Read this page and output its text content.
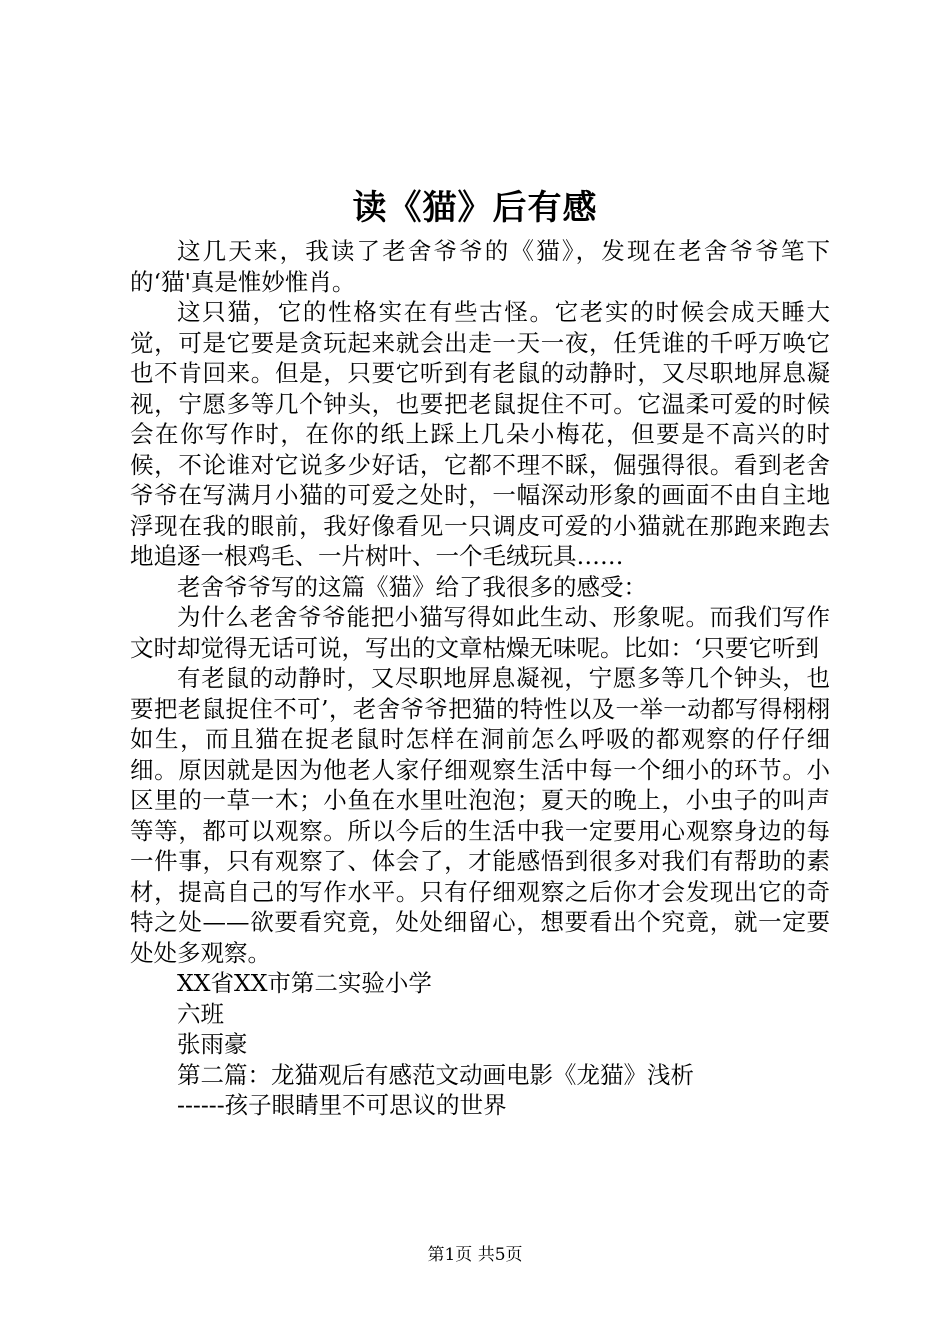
读《猫》后有感

这几天来，我读了老舍爷爷的《猫》，发现在老舍爷爷笔下的‘猫'真是惟妙惟肖。

这只猫，它的性格实在有些古怪。它老实的时候会成天睡大觉，可是它要是贪玩起来就会出走一天一夜，任凭谁的千呼万唤它也不肯回来。但是，只要它听到有老鼠的动静时，又尽职地屏息凝视，宁愿多等几个钟头，也要把老鼠捉住不可。它温柔可爱的时候会在你写作时，在你的纸上踩上几朵小梅花，但要是不高兴的时候，不论谁对它说多少好话，它都不理不睬，倔强得很。看到老舍爷爷在写满月小猫的可爱之处时，一幅深动形象的画面不由自主地浮现在我的眼前，我好像看见一只调皮可爱的小猫就在那跑来跑去地追逐一根鸡毛、一片树叶、一个毛绒玩具……

老舍爷爷写的这篇《猫》给了我很多的感受：

为什么老舍爷爷能把小猫写得如此生动、形象呢。而我们写作文时却觉得无话可说，写出的文章枯燥无味呢。比如：‘只要它听到

有老鼠的动静时，又尽职地屏息凝视，宁愿多等几个钟头，也要把老鼠捉住不可’，老舍爷爷把猫的特性以及一举一动都写得栩栩如生，而且猫在捉老鼠时怎样在洞前怎么呼吸的都观察的仔仔细细。原因就是因为他老人家仔细观察生活中每一个细小的环节。小区里的一草一木；小鱼在水里吐泡泡；夏天的晚上，小虫子的叫声等等，都可以观察。所以今后的生活中我一定要用心观察身边的每一件事，只有观察了、体会了，才能感悟到很多对我们有帮助的素材，提高自己的写作水平。只有仔细观察之后你才会发现出它的奇特之处——欲要看究竟，处处细留心，想要看出个究竟，就一定要处处多观察。

XX省XX市第二实验小学

六班

张雨豪

第二篇：龙猫观后有感范文动画电影《龙猫》浅析

------孩子眼睛里不可思议的世界

第1页 共5页
